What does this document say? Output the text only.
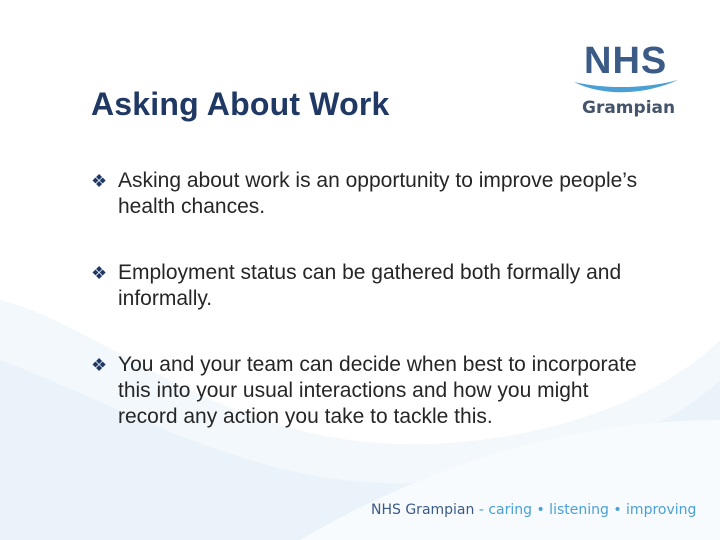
NHS
Grampian
Asking About Work
❖ Asking about work is an opportunity to improve people’s health chances.
❖ Employment status can be gathered both formally and informally.
❖ You and your team can decide when best to incorporate this into your usual interactions and how you might record any action you take to tackle this.
NHS Grampian - caring • listening • improving
